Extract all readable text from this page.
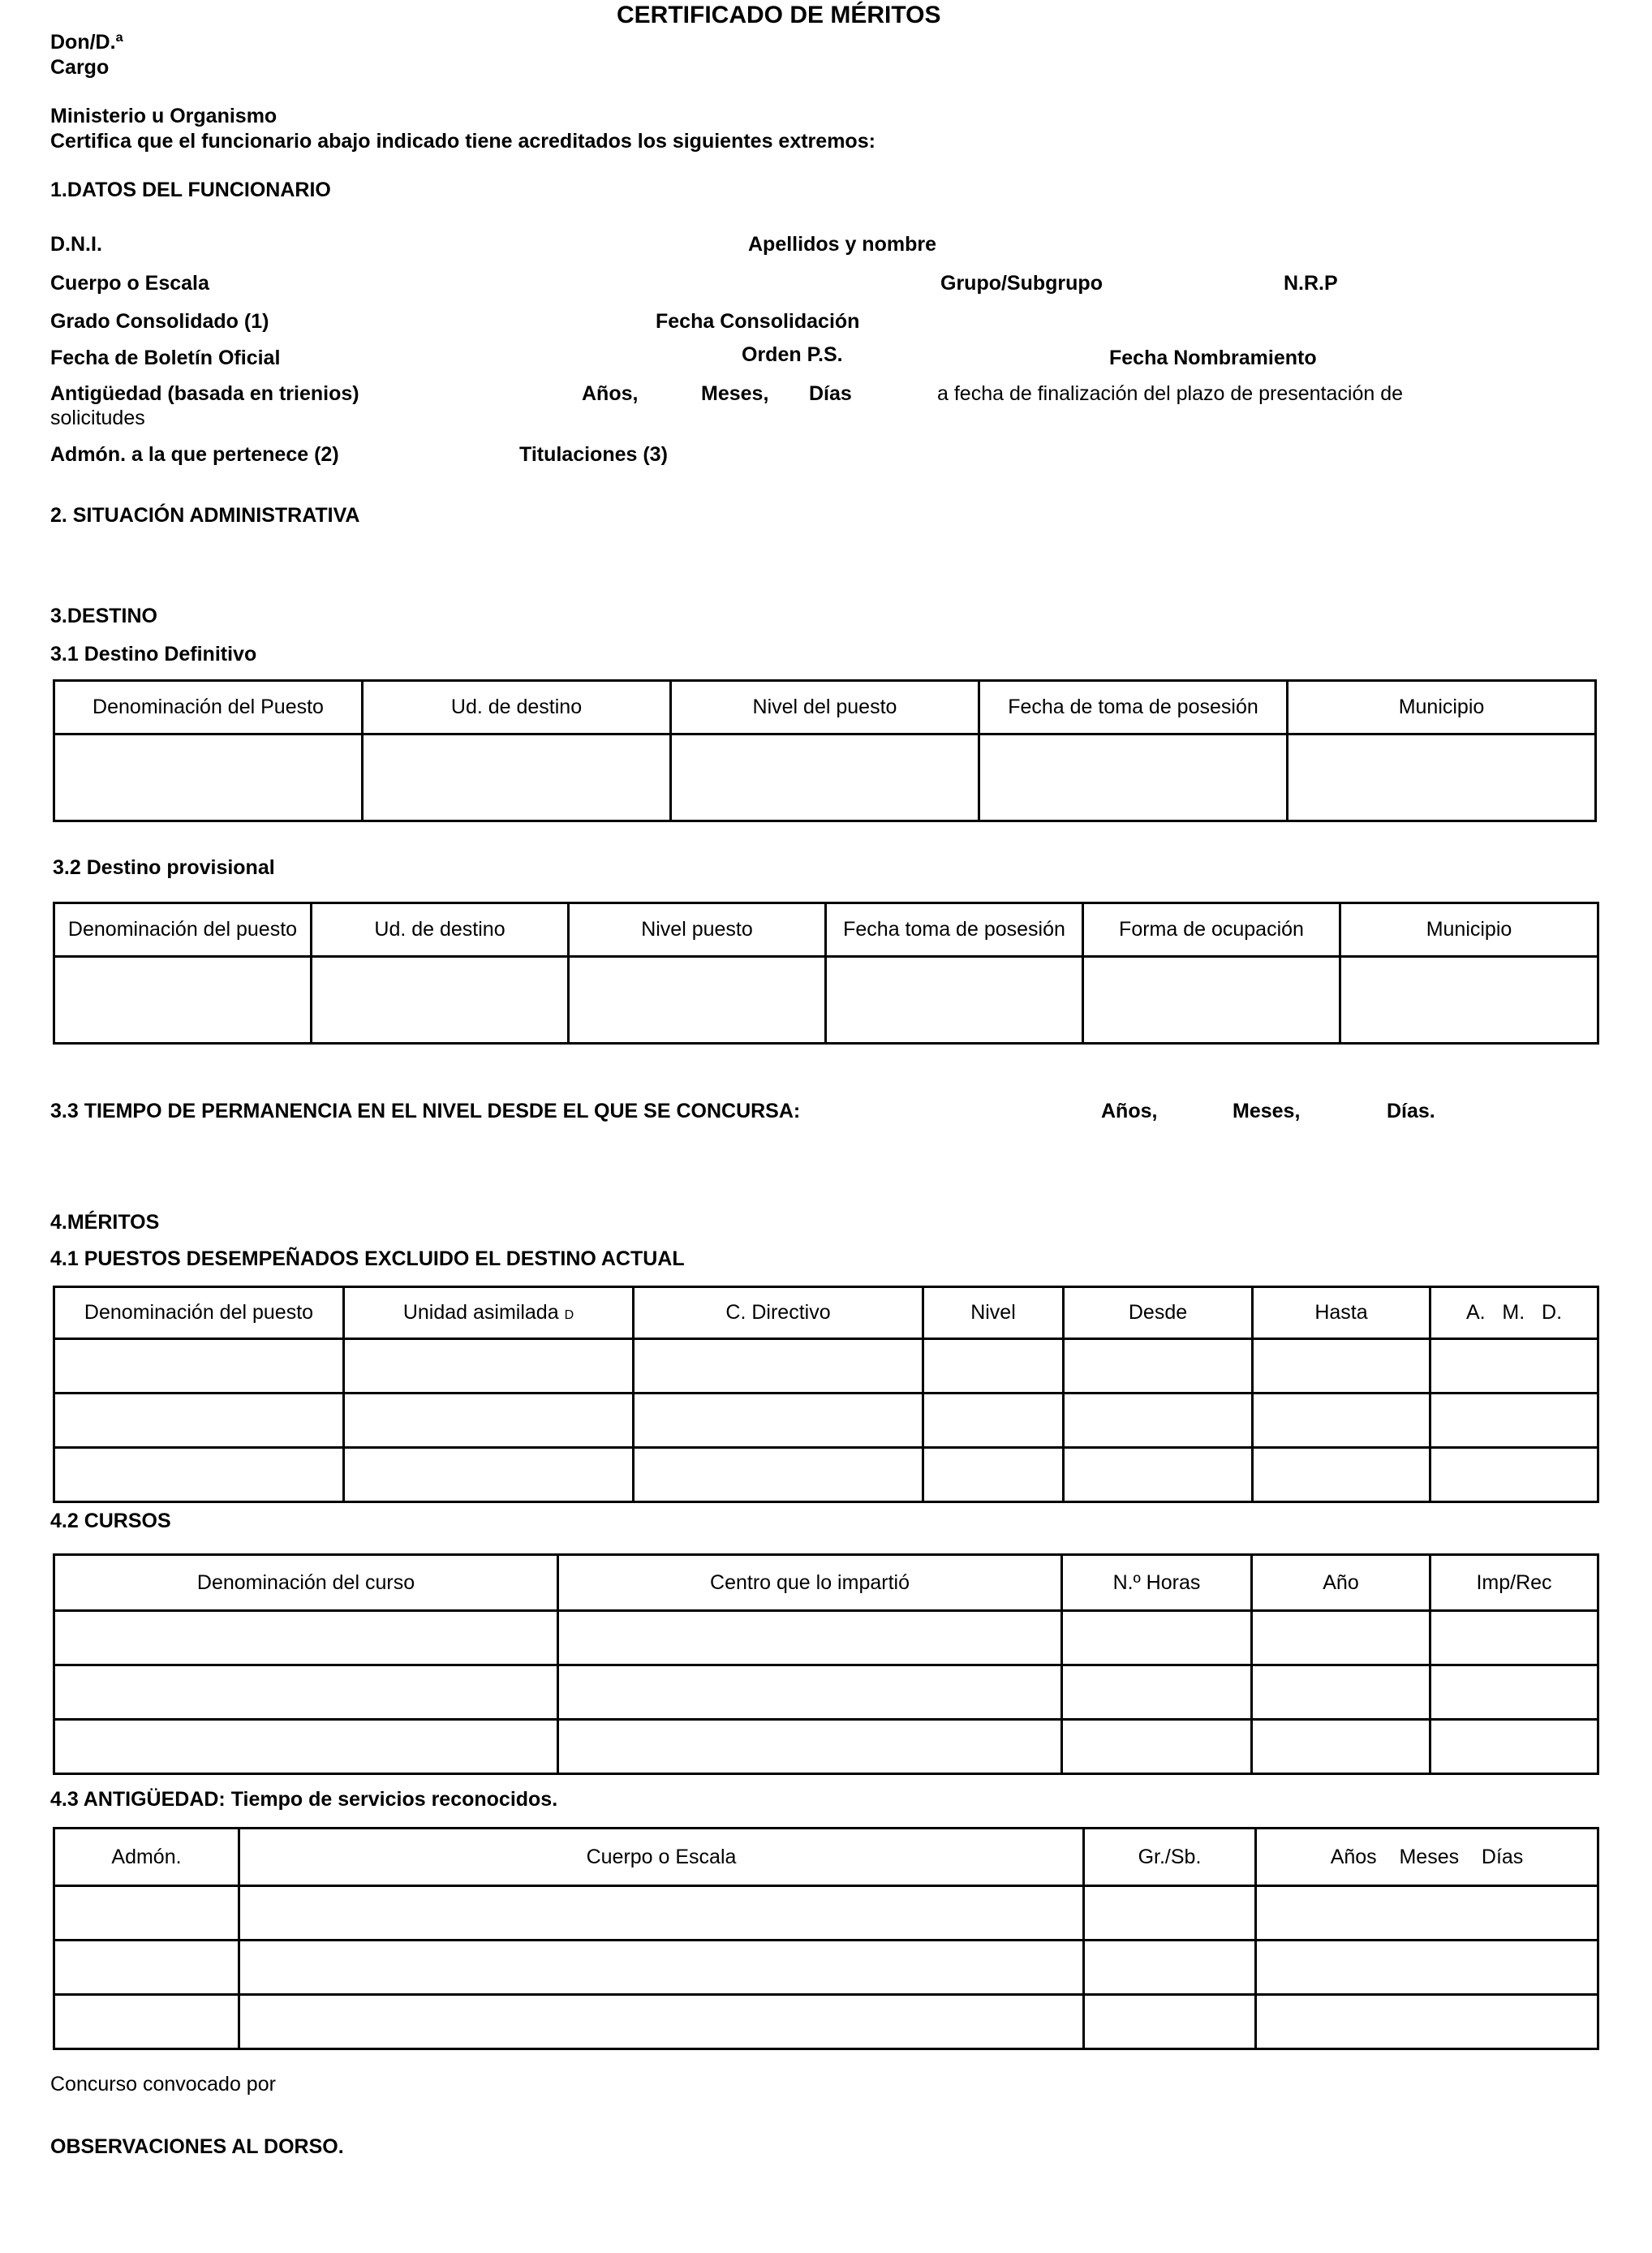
CERTIFICADO DE MÉRITOS
Don/D.ª
Cargo
Ministerio u Organismo
Certifica que el funcionario abajo indicado tiene acreditados los siguientes extremos:
1.DATOS DEL FUNCIONARIO
D.N.I.	Apellidos y nombre
Cuerpo o Escala	Grupo/Subgrupo	N.R.P
Grado Consolidado (1)	Fecha Consolidación
Fecha de Boletín Oficial	Orden P.S.	Fecha Nombramiento
Antigüedad (basada en trienios)	Años,	Meses, Días	a fecha de finalización del plazo de presentación de
solicitudes
Admón. a la que pertenece (2)	Titulaciones (3)
2. SITUACIÓN ADMINISTRATIVA
3.DESTINO
3.1 Destino Definitivo
Denominación del Puesto	Ud. de destino	Nivel del puesto	Fecha de toma de posesión	Municipio

3.2 Destino provisional
Denominación del puesto	Ud. de destino	Nivel puesto	Fecha toma de posesión	Forma de ocupación	Municipio

3.3 TIEMPO DE PERMANENCIA EN EL NIVEL DESDE EL QUE SE CONCURSA:	Años,	Meses,	Días.
4.MÉRITOS
4.1 PUESTOS DESEMPEÑADOS EXCLUIDO EL DESTINO ACTUAL
Denominación del puesto	Unidad asimilada D	C. Directivo	Nivel	Desde	Hasta	A.   M.   D.

4.2 CURSOS
Denominación del curso	Centro que lo impartió	N.º Horas	Año	Imp/Rec

4.3 ANTIGÜEDAD: Tiempo de servicios reconocidos.
Admón.	Cuerpo o Escala	Gr./Sb.	Años    Meses    Días

Concurso convocado por
OBSERVACIONES AL DORSO.
